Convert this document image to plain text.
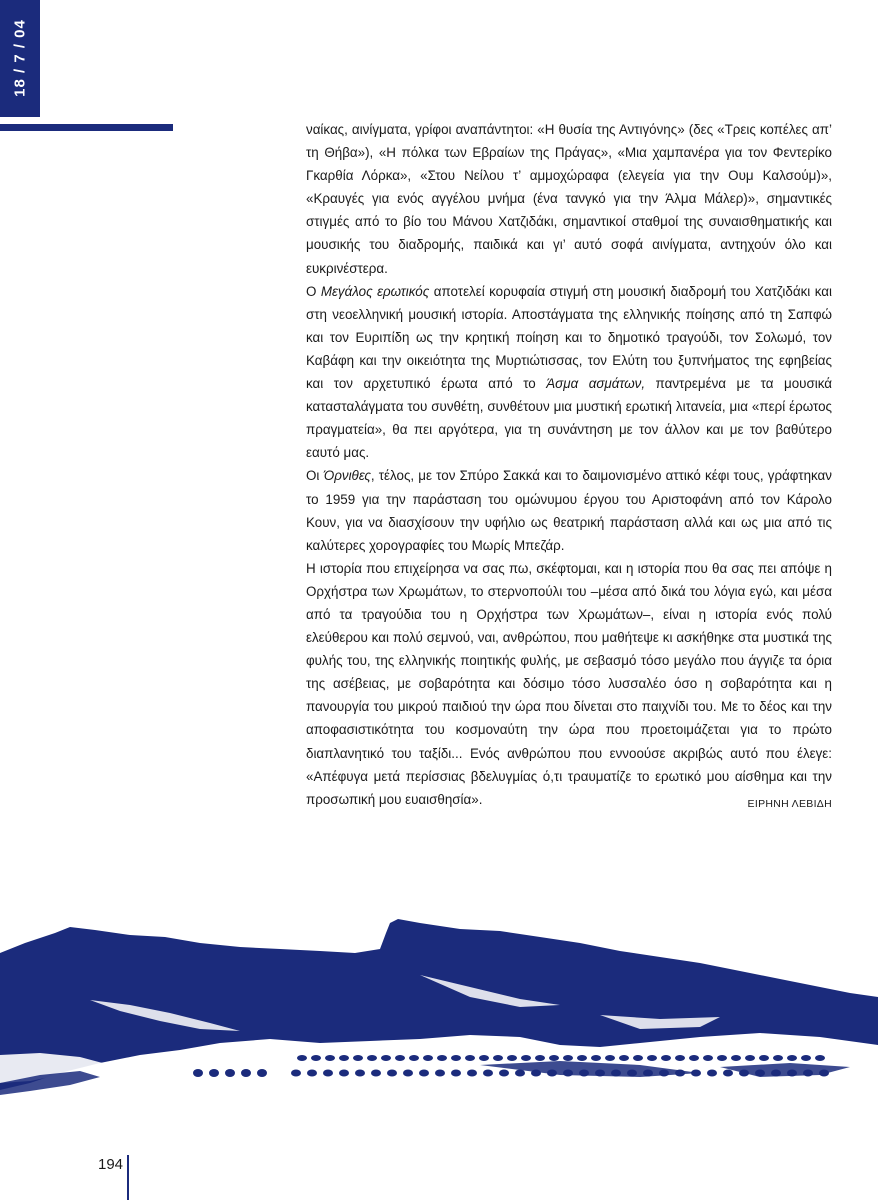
18 / 7 / 04

ναίκας, αινίγματα, γρίφοι αναπάντητοι: «Η θυσία της Αντιγόνης» (δες «Τρεις κοπέλες απ’ τη Θήβα»), «Η πόλκα των Εβραίων της Πράγας», «Μια χαμπανέρα για τον Φεντερίκο Γκαρθία Λόρκα», «Στου Νείλου τ’ αμμοχώραφα (ελεγεία για την Ουμ Καλσούμ)», «Κραυγές για ενός αγγέλου μνήμα (ένα τανγκό για την Άλμα Μάλερ)», σημαντικές στιγμές από το βίο του Μάνου Χατζιδάκι, σημαντικοί σταθμοί της συναισθηματικής και μουσικής του διαδρομής, παιδικά και γι’ αυτό σοφά αινίγματα, αντηχούν όλο και ευκρινέστερα.

Ο Μεγάλος ερωτικός αποτελεί κορυφαία στιγμή στη μουσική διαδρομή του Χατζιδάκι και στη νεοελληνική μουσική ιστορία. Αποστάγματα της ελληνικής ποίησης από τη Σαπφώ και τον Ευριπίδη ως την κρητική ποίηση και το δημοτικό τραγούδι, τον Σολωμό, τον Καβάφη και την οικειότητα της Μυρτιώτισσας, τον Ελύτη του ξυπνήματος της εφηβείας και τον αρχετυπικό έρωτα από το Άσμα ασμάτων, παντρεμένα με τα μουσικά κατασταλάγματα του συνθέτη, συνθέτουν μια μυστική ερωτική λιτανεία, μια «περί έρωτος πραγματεία», θα πει αργότερα, για τη συνάντηση με τον άλλον και με τον βαθύτερο εαυτό μας.

Οι Όρνιθες, τέλος, με τον Σπύρο Σακκά και το δαιμονισμένο αττικό κέφι τους, γράφτηκαν το 1959 για την παράσταση του ομώνυμου έργου του Αριστοφάνη από τον Κάρολο Κουν, για να διασχίσουν την υφήλιο ως θεατρική παράσταση αλλά και ως μια από τις καλύτερες χορογραφίες του Μωρίς Μπεζάρ.

Η ιστορία που επιχείρησα να σας πω, σκέφτομαι, και η ιστορία που θα σας πει απόψε η Ορχήστρα των Χρωμάτων, το στερνοπούλι του –μέσα από δικά του λόγια εγώ, και μέσα από τα τραγούδια του η Ορχήστρα των Χρωμάτων–, είναι η ιστορία ενός πολύ ελεύθερου και πολύ σεμνού, ναι, ανθρώπου, που μαθήτεψε κι ασκήθηκε στα μυστικά της φυλής του, της ελληνικής ποιητικής φυλής, με σεβασμό τόσο μεγάλο που άγγιζε τα όρια της ασέβειας, με σοβαρότητα και δόσιμο τόσο λυσσαλέο όσο η σοβαρότητα και η πανουργία του μικρού παιδιού την ώρα που δίνεται στο παιχνίδι του. Με το δέος και την αποφασιστικότητα του κοσμοναύτη την ώρα που προετοιμάζεται για το πρώτο διαπλανητικό του ταξίδι... Ενός ανθρώπου που εννοούσε ακριβώς αυτό που έλεγε: «Απέφυγα μετά περίσσιας βδελυγμίας ό,τι τραυματίζε το ερωτικό μου αίσθημα και την προσωπική μου ευαισθησία».	ΕΙΡΗΝΗ ΛΕΒΙΔΗ
194
